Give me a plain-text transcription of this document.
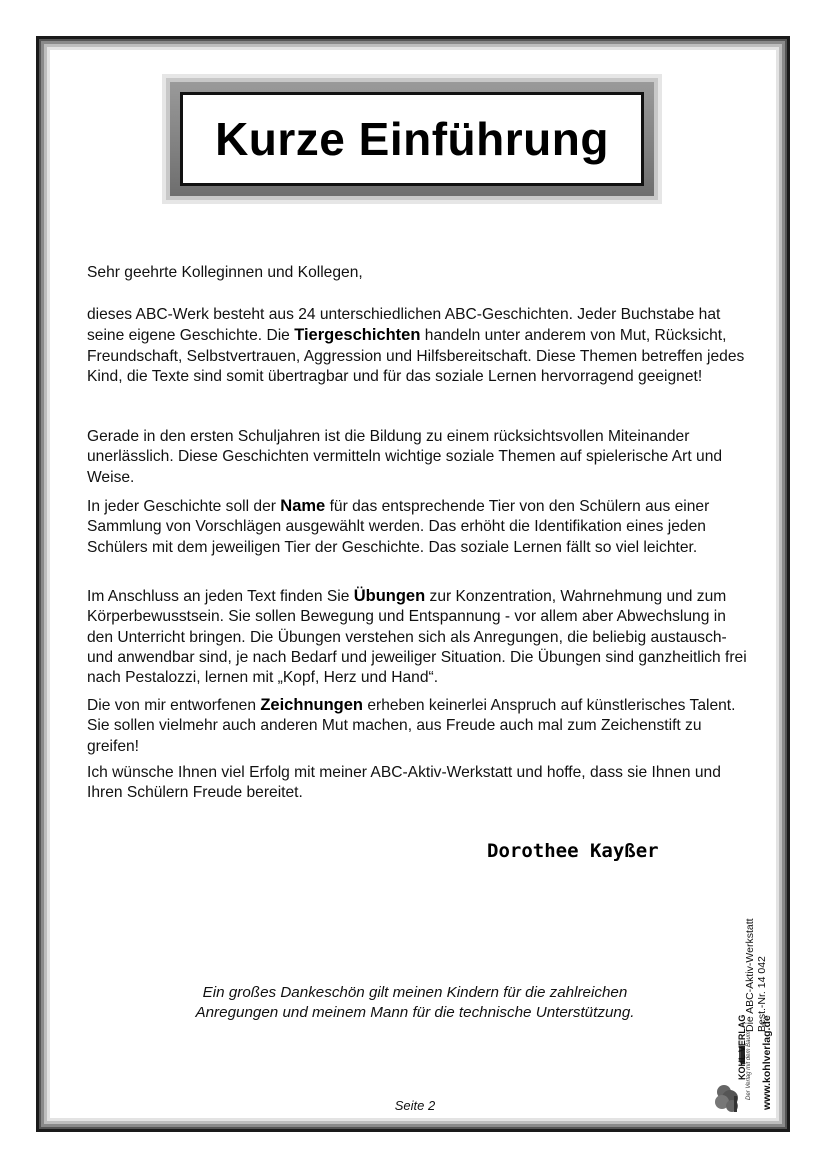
Kurze Einführung

Sehr geehrte Kolleginnen und Kollegen,

dieses ABC-Werk besteht aus 24 unterschiedlichen ABC-Geschichten. Jeder Buchstabe hat seine eigene Geschichte. Die Tiergeschichten handeln unter anderem von Mut, Rücksicht, Freundschaft, Selbstvertrauen, Aggression und Hilfsbereitschaft. Diese Themen betreffen jedes Kind, die Texte sind somit übertragbar und für das soziale Lernen hervorragend geeignet!

Gerade in den ersten Schuljahren ist die Bildung zu einem rücksichtsvollen Miteinander unerlässlich. Diese Geschichten vermitteln wichtige soziale Themen auf spielerische Art und Weise.

In jeder Geschichte soll der Name für das entsprechende Tier von den Schülern aus einer Sammlung von Vorschlägen ausgewählt werden. Das erhöht die Identifikation eines jeden Schülers mit dem jeweiligen Tier der Geschichte. Das soziale Lernen fällt so viel leichter.

Im Anschluss an jeden Text finden Sie Übungen zur Konzentration, Wahrnehmung und zum Körperbewusstsein. Sie sollen Bewegung und Entspannung - vor allem aber Abwechslung in den Unterricht bringen. Die Übungen verstehen sich als Anregungen, die beliebig austausch- und anwendbar sind, je nach Bedarf und jeweiliger Situation. Die Übungen sind ganzheitlich frei nach Pestalozzi, lernen mit „Kopf, Herz und Hand“.

Die von mir entworfenen Zeichnungen erheben keinerlei Anspruch auf künstlerisches Talent. Sie sollen vielmehr auch anderen Mut machen, aus Freude auch mal zum Zeichenstift zu greifen!

Ich wünsche Ihnen viel Erfolg mit meiner ABC-Aktiv-Werkstatt und hoffe, dass sie Ihnen und Ihren Schülern Freude bereitet.

Dorothee Kayßer
Ein großes Dankeschön gilt meinen Kindern für die zahlreichen
Anregungen und meinem Mann für die technische Unterstützung.
Seite 2
Die ABC-Aktiv-Werkstatt Best.-Nr. 14 042
www.kohlverlag.de
KOHL VERLAG Der Verlag mit dem Baum
